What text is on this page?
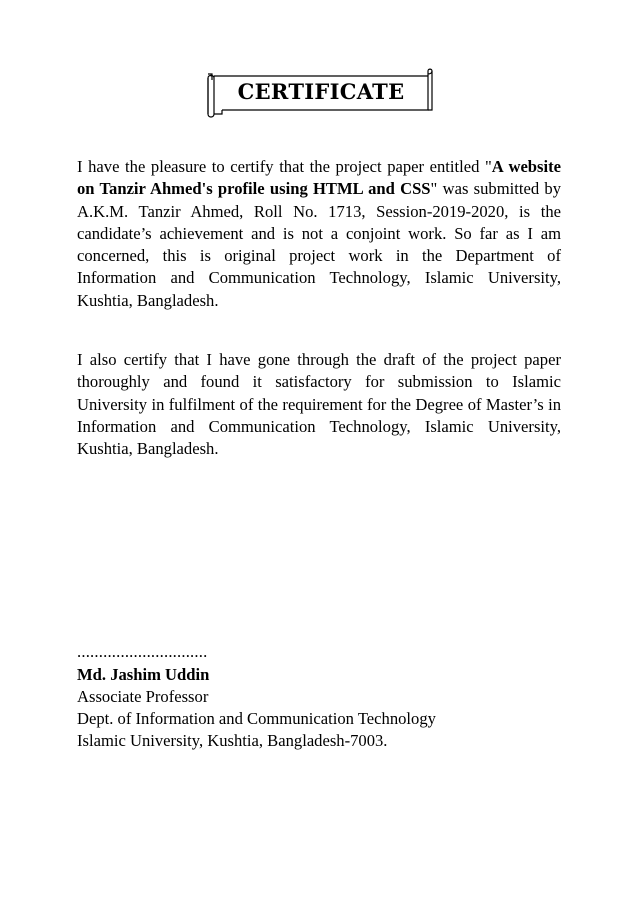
CERTIFICATE

I have the pleasure to certify that the project paper entitled "A website on Tanzir Ahmed's profile using HTML and CSS" was submitted by A.K.M. Tanzir Ahmed, Roll No. 1713, Session-2019-2020, is the candidate’s achievement and is not a conjoint work. So far as I am concerned, this is original project work in the Department of Information and Communication Technology, Islamic University, Kushtia, Bangladesh.

I also certify that I have gone through the draft of the project paper thoroughly and found it satisfactory for submission to Islamic University in fulfilment of the requirement for the Degree of Master’s in Information and Communication Technology, Islamic University, Kushtia, Bangladesh.

..............................
Md. Jashim Uddin
Associate Professor
Dept. of Information and Communication Technology
Islamic University, Kushtia, Bangladesh-7003.
